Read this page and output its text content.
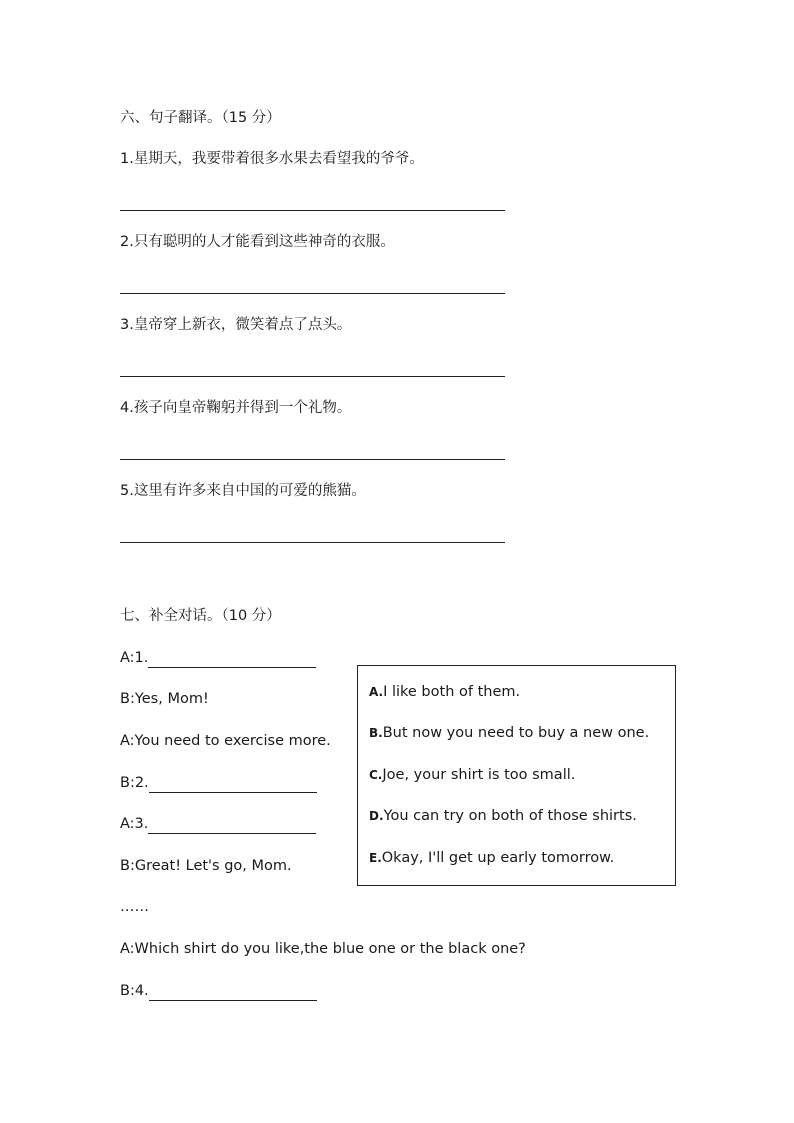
六、句子翻译。（15 分）
1.星期天，我要带着很多水果去看望我的爷爷。
2.只有聪明的人才能看到这些神奇的衣服。
3.皇帝穿上新衣，微笑着点了点头。
4.孩子向皇帝鞠躬并得到一个礼物。
5.这里有许多来自中国的可爱的熊猫。
七、补全对话。（10 分）
A:1.
B:Yes, Mom!
A:You need to exercise more.
B:2.
A:3.
B:Great! Let's go, Mom.
……
A:Which shirt do you like,the blue one or the black one?
B:4.
A.I like both of them.
B.But now you need to buy a new one.
C.Joe, your shirt is too small.
D.You can try on both of those shirts.
E.Okay, I'll get up early tomorrow.
